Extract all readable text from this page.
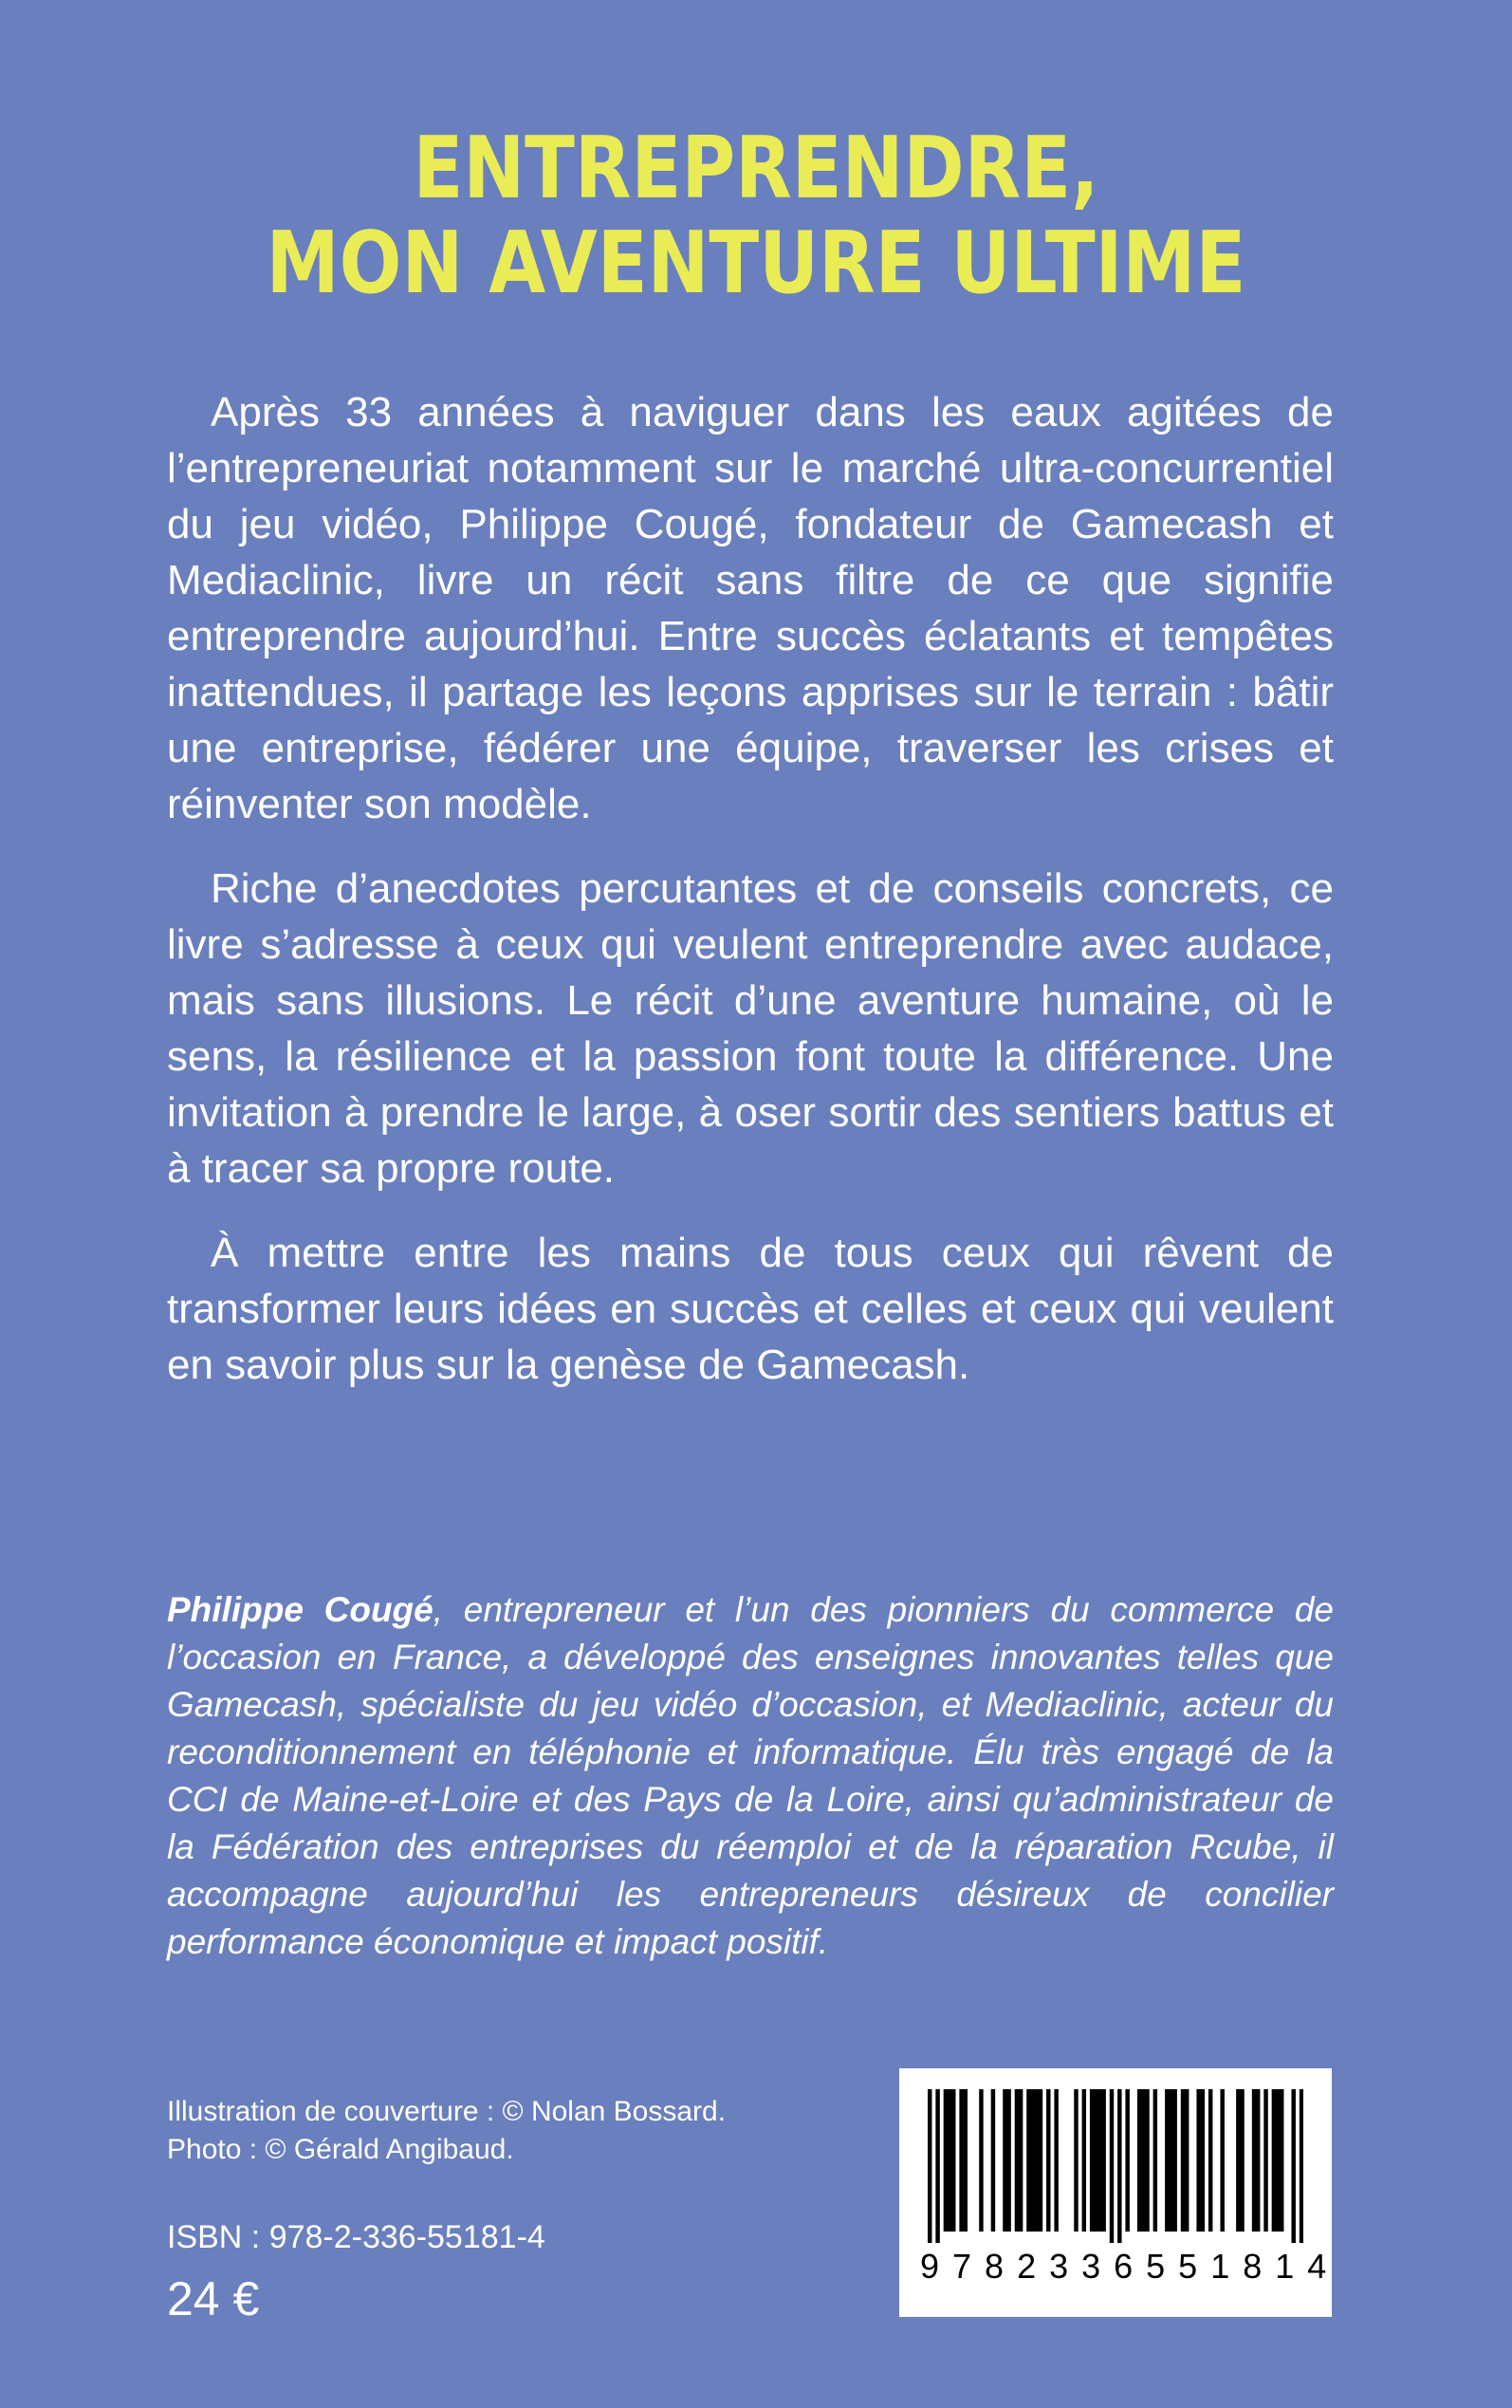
ENTREPRENDRE,
MON AVENTURE ULTIME

Après 33 années à naviguer dans les eaux agitées de l’entrepreneuriat notamment sur le marché ultra-concurrentiel du jeu vidéo, Philippe Cougé, fondateur de Gamecash et Mediaclinic, livre un récit sans filtre de ce que signifie entreprendre aujourd’hui. Entre succès éclatants et tempêtes inattendues, il partage les leçons apprises sur le terrain : bâtir une entreprise, fédérer une équipe, traverser les crises et réinventer son modèle.

Riche d’anecdotes percutantes et de conseils concrets, ce livre s’adresse à ceux qui veulent entreprendre avec audace, mais sans illusions. Le récit d’une aventure humaine, où le sens, la résilience et la passion font toute la différence. Une invitation à prendre le large, à oser sortir des sentiers battus et à tracer sa propre route.

À mettre entre les mains de tous ceux qui rêvent de transformer leurs idées en succès et celles et ceux qui veulent en savoir plus sur la genèse de Gamecash.

Philippe Cougé, entrepreneur et l’un des pionniers du commerce de l’occasion en France, a développé des enseignes innovantes telles que Gamecash, spécialiste du jeu vidéo d’occasion, et Mediaclinic, acteur du reconditionnement en téléphonie et informatique. Élu très engagé de la CCI de Maine-et-Loire et des Pays de la Loire, ainsi qu’administrateur de la Fédération des entreprises du réemploi et de la réparation Rcube, il accompagne aujourd’hui les entrepreneurs désireux de concilier performance économique et impact positif.
Illustration de couverture : © Nolan Bossard.
Photo : © Gérald Angibaud.
ISBN : 978-2-336-55181-4
24 €
9782336551814
